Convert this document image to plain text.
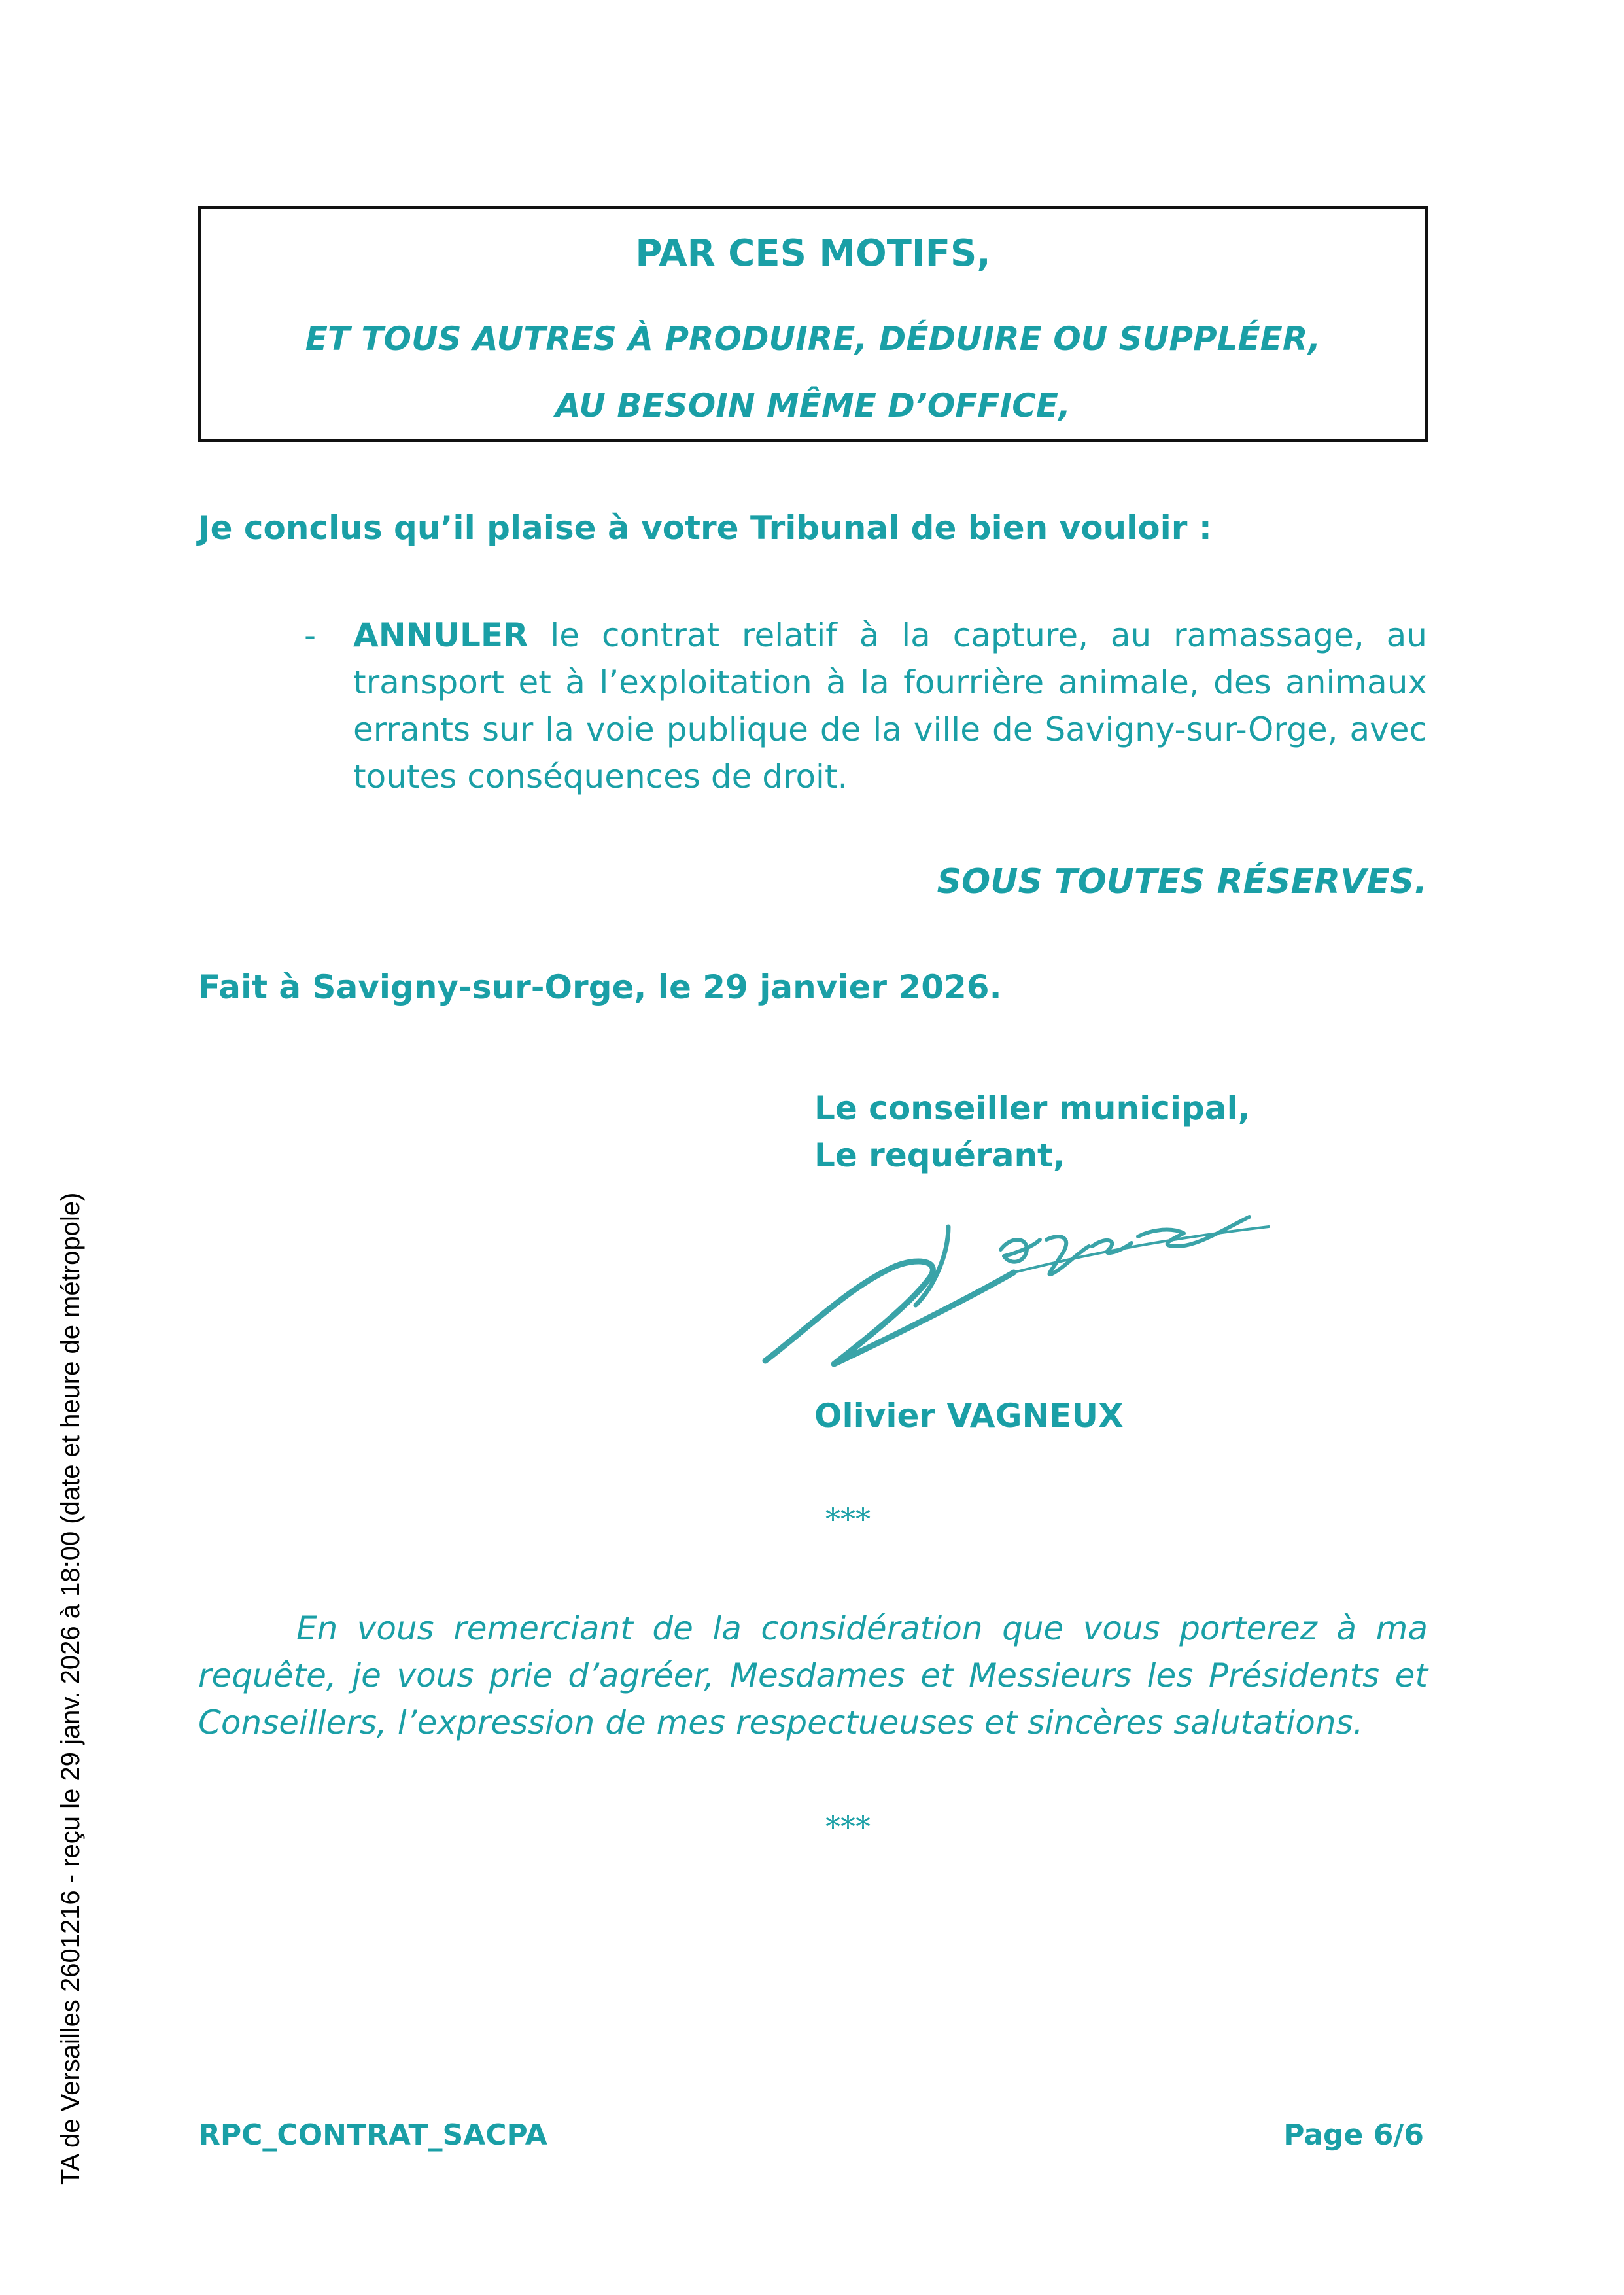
PAR CES MOTIFS,
ET TOUS AUTRES À PRODUIRE, DÉDUIRE OU SUPPLÉER,
AU BESOIN MÊME D’OFFICE,
Je conclus qu’il plaise à votre Tribunal de bien vouloir :
- ANNULER le contrat relatif à la capture, au ramassage, au transport et à l’exploitation à la fourrière animale, des animaux errants sur la voie publique de la ville de Savigny-sur-Orge, avec toutes conséquences de droit.
SOUS TOUTES RÉSERVES.
Fait à Savigny-sur-Orge, le 29 janvier 2026.
Le conseiller municipal,
Le requérant,
Olivier VAGNEUX
***
En vous remerciant de la considération que vous porterez à ma requête, je vous prie d’agréer, Mesdames et Messieurs les Présidents et Conseillers, l’expression de mes respectueuses et sincères salutations.
***
RPC_CONTRAT_SACPA	Page 6/6
TA de Versailles 2601216 - reçu le 29 janv. 2026 à 18:00 (date et heure de métropole)
